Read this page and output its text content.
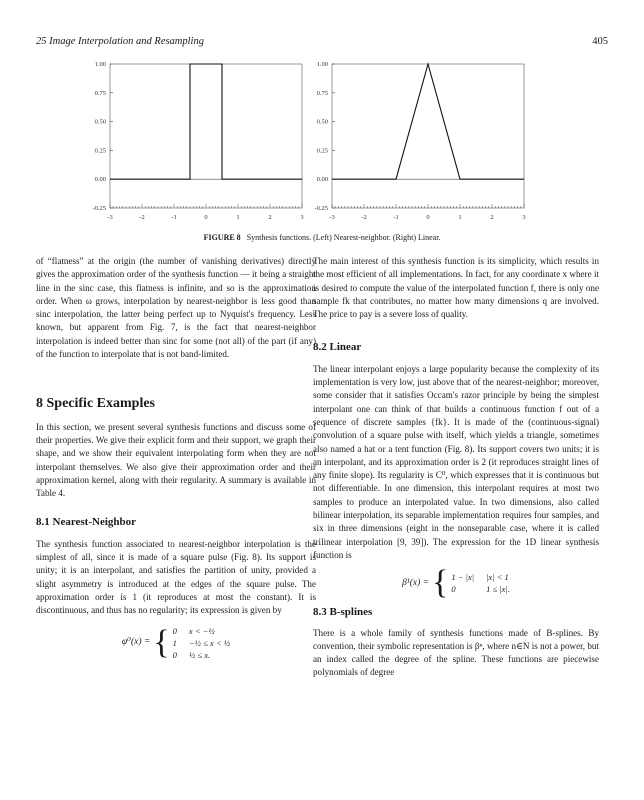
25 Image Interpolation and Resampling	405
1.00
0.75
0.50
0.25
0.00
-0.25
-3	-2	-1	0	1	2	3
1.00
0.75
0.50
0.25
0.00
-0.25
-3	-2	-1	0	1	2	3
FIGURE 8 Synthesis functions. (Left) Nearest-neighbor. (Right) Linear.

of “flatness” at the origin (the number of vanishing derivatives) directly gives the approximation order of the synthesis function — it being a straight line in the sinc case, this flatness is infinite, and so is the approximation order. When ω grows, interpolation by nearest-neighbor is less good than sinc interpolation, the latter being perfect up to Nyquist's frequency. Less known, but apparent from Fig. 7, is the fact that nearest-neighbor interpolation is indeed better than sinc for some (not all) of the part (if any) of the function to interpolate that is not band-limited.

8 Specific Examples

In this section, we present several synthesis functions and discuss some of their properties. We give their explicit form and their support, we graph their shape, and we show their equivalent interpolating form when they are not interpolant themselves. We also give their approximation order and their approximation kernel, along with their regularity. A summary is available in Table 4.

8.1 Nearest-Neighbor

The synthesis function associated to nearest-neighbor interpolation is the simplest of all, since it is made of a square pulse (Fig. 8). Its support is unity; it is an interpolant, and satisfies the partition of unity, provided a slight asymmetry is introduced at the edges of the square pulse. The approximation order is 1 (it reproduces at most the constant). It is discontinuous, and thus has no regularity; its expression is given by

φ⁰(x) = { 0 x < −½
1 −½ ≤ x < ½
0 ½ ≤ x.

The main interest of this synthesis function is its simplicity, which results in the most efficient of all implementations. In fact, for any coordinate x where it is desired to compute the value of the interpolated function f, there is only one sample fk that contributes, no matter how many dimensions q are involved. The price to pay is a severe loss of quality.

8.2 Linear

The linear interpolant enjoys a large popularity because the complexity of its implementation is very low, just above that of the nearest-neighbor; moreover, some consider that it satisfies Occam's razor principle by being the simplest interpolant one can think of that builds a continuous function f out of a sequence of discrete samples {fk}. It is made of the (continuous-signal) convolution of a square pulse with itself, which yields a triangle, sometimes also named a hat or a tent function (Fig. 8). Its support covers two units; it is an interpolant, and its approximation order is 2 (it reproduces straight lines of any finite slope). Its regularity is C⁰, which expresses that it is continuous but not differentiable. In one dimension, this interpolant requires at most two samples to produce an interpolated value. In two dimensions, also called bilinear interpolation, its separable implementation requires four samples, and six in three dimensions (eight in the nonseparable case, where it is called trilinear interpolation [9, 39]). The expression for the 1D linear synthesis function is

β¹(x) = { 1 − |x| |x| < 1
0	1 ≤ |x|.
8.3 B-splines

There is a whole family of synthesis functions made of B-splines. By convention, their symbolic representation is βⁿ, where n∈N is not a power, but an index called the degree of the spline. These functions are piecewise polynomials of degree
